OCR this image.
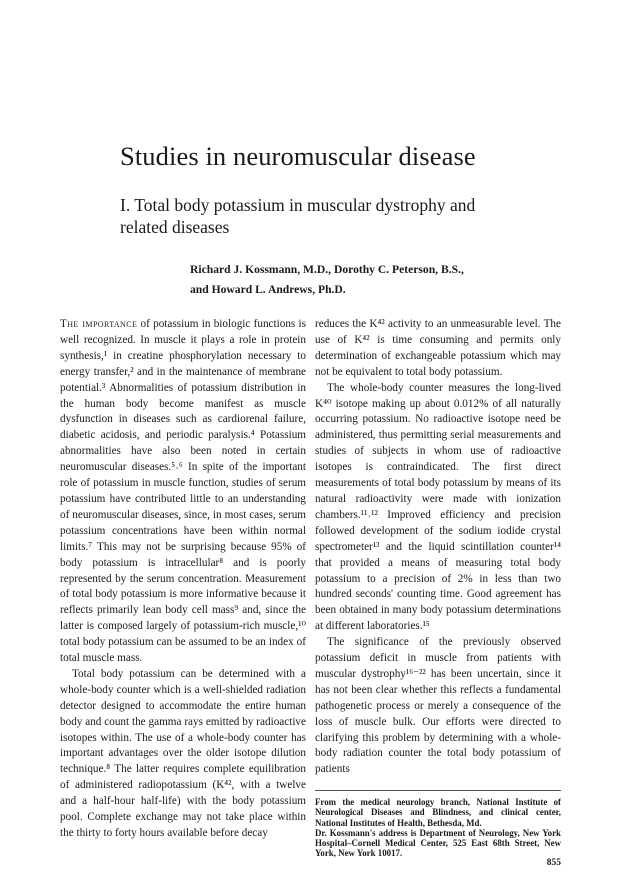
Studies in neuromuscular disease
I. Total body potassium in muscular dystrophy and related diseases

Richard J. Kossmann, M.D., Dorothy C. Peterson, B.S.,
and Howard L. Andrews, Ph.D.

The importance of potassium in biologic functions is well recognized. In muscle it plays a role in protein synthesis,¹ in creatine phosphorylation necessary to energy transfer,² and in the maintenance of membrane potential.³ Abnormalities of potassium distribution in the human body become manifest as muscle dysfunction in diseases such as cardiorenal failure, diabetic acidosis, and periodic paralysis.⁴ Potassium abnormalities have also been noted in certain neuromuscular diseases.⁵˒⁶ In spite of the important role of potassium in muscle function, studies of serum potassium have contributed little to an understanding of neuromuscular diseases, since, in most cases, serum potassium concentrations have been within normal limits.⁷ This may not be surprising because 95% of body potassium is intracellular⁸ and is poorly represented by the serum concentration. Measurement of total body potassium is more informative because it reflects primarily lean body cell mass⁹ and, since the latter is composed largely of potassium-rich muscle,¹⁰ total body potassium can be assumed to be an index of total muscle mass.

Total body potassium can be determined with a whole-body counter which is a well-shielded radiation detector designed to accommodate the entire human body and count the gamma rays emitted by radioactive isotopes within. The use of a whole-body counter has important advantages over the older isotope dilution technique.⁸ The latter requires complete equilibration of administered radiopotassium (K⁴², with a twelve and a half-hour half-life) with the body potassium pool. Complete exchange may not take place within the thirty to forty hours available before decay

reduces the K⁴² activity to an unmeasurable level. The use of K⁴² is time consuming and permits only determination of exchangeable potassium which may not be equivalent to total body potassium.

The whole-body counter measures the long-lived K⁴⁰ isotope making up about 0.012% of all naturally occurring potassium. No radioactive isotope need be administered, thus permitting serial measurements and studies of subjects in whom use of radioactive isotopes is contraindicated. The first direct measurements of total body potassium by means of its natural radioactivity were made with ionization chambers.¹¹˒¹² Improved efficiency and precision followed development of the sodium iodide crystal spectrometer¹³ and the liquid scintillation counter¹⁴ that provided a means of measuring total body potassium to a precision of 2% in less than two hundred seconds' counting time. Good agreement has been obtained in many body potassium determinations at different laboratories.¹⁵

The significance of the previously observed potassium deficit in muscle from patients with muscular dystrophy¹⁶⁻²² has been uncertain, since it has not been clear whether this reflects a fundamental pathogenetic process or merely a consequence of the loss of muscle bulk. Our efforts were directed to clarifying this problem by determining with a whole-body radiation counter the total body potassium of patients

From the medical neurology branch, National Institute of Neurological Diseases and Blindness, and clinical center, National Institutes of Health, Bethesda, Md.

Dr. Kossmann's address is Department of Neurology, New York Hospital–Cornell Medical Center, 525 East 68th Street, New York, New York 10017.

855
